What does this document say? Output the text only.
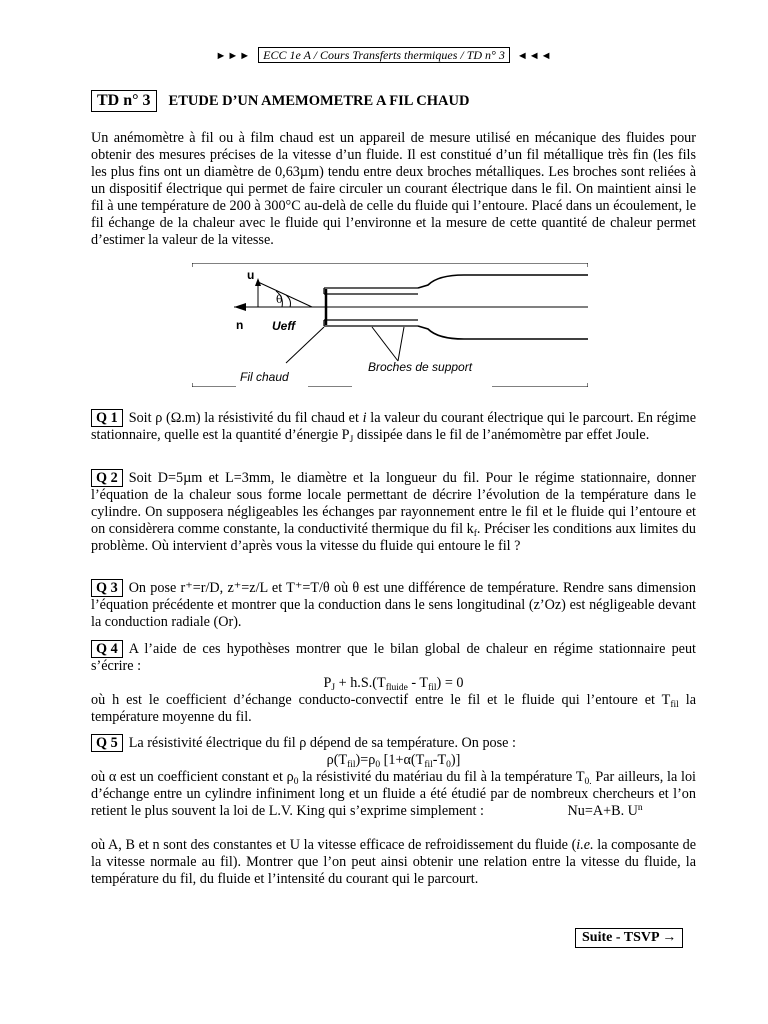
►►► ECC 1e A / Cours Transferts thermiques / TD n° 3 ◄◄◄
TD n° 3	ETUDE D’UN AMEMOMETRE A FIL CHAUD
Un anémomètre à fil ou à film chaud est un appareil de mesure utilisé en mécanique des fluides pour obtenir des mesures précises de la vitesse d’un fluide. Il est constitué d’un fil métallique très fin (les fils les plus fins ont un diamètre de 0,63µm) tendu entre deux broches métalliques. Les broches sont reliées à un dispositif électrique qui permet de faire circuler un courant électrique dans le fil. On maintient ainsi le fil à une température de 200 à 300°C au-delà de celle du fluide qui l’entoure. Placé dans un écoulement, le fil échange de la chaleur avec le fluide qui l’environne et la mesure de cette quantité de chaleur permet d’estimer la valeur de la vitesse.
u
n
θ
Ueff
Fil chaud
Broches de support
Q 1 Soit ρ (Ω.m) la résistivité du fil chaud et i la valeur du courant électrique qui le parcourt. En régime stationnaire, quelle est la quantité d’énergie $P_J$ dissipée dans le fil de l’anémomètre par effet Joule.
Q 2 Soit D=5µm et L=3mm, le diamètre et la longueur du fil. Pour le régime stationnaire, donner l’équation de la chaleur sous forme locale permettant de décrire l’évolution de la température dans le cylindre. On supposera négligeables les échanges par rayonnement entre le fil et le fluide qui l’entoure et on considèrera comme constante, la conductivité thermique du fil $k_f$. Préciser les conditions aux limites du problème. Où intervient d’après vous la vitesse du fluide qui entoure le fil ?
Q 3 On pose r⁺=r/D, z⁺=z/L et T⁺=T/θ où θ est une différence de température. Rendre sans dimension l’équation précédente et montrer que la conduction dans le sens longitudinal (z’Oz) est négligeable devant la conduction radiale (Or).
Q 4 A l’aide de ces hypothèses montrer que le bilan global de chaleur en régime stationnaire peut s’écrire :
$P_J + h.S.(T_{fluide} - T_{fil}) = 0$
où h est le coefficient d’échange conducto-convectif entre le fil et le fluide qui l’entoure et $T_{fil}$ la température moyenne du fil.
Q 5 La résistivité électrique du fil ρ dépend de sa température. On pose :
$\rho(T_{fil})=\rho_0$ $[1+\alpha(T_{fil}-T_0)]$
où α est un coefficient constant et $\rho_0$ la résistivité du matériau du fil à la température $T_{0.}$ Par ailleurs, la loi d’échange entre un cylindre infiniment long et un fluide a été étudié par de nombreux chercheurs et l’on retient le plus souvent la loi de L.V. King qui s’exprime simplement :	Nu=A+B. $U^n$
où A, B et n sont des constantes et U la vitesse efficace de refroidissement du fluide (i.e. la composante de la vitesse normale au fil). Montrer que l’on peut ainsi obtenir une relation entre la vitesse du fluide, la température du fil, du fluide et l’intensité du courant qui le parcourt.
Suite - TSVP →
